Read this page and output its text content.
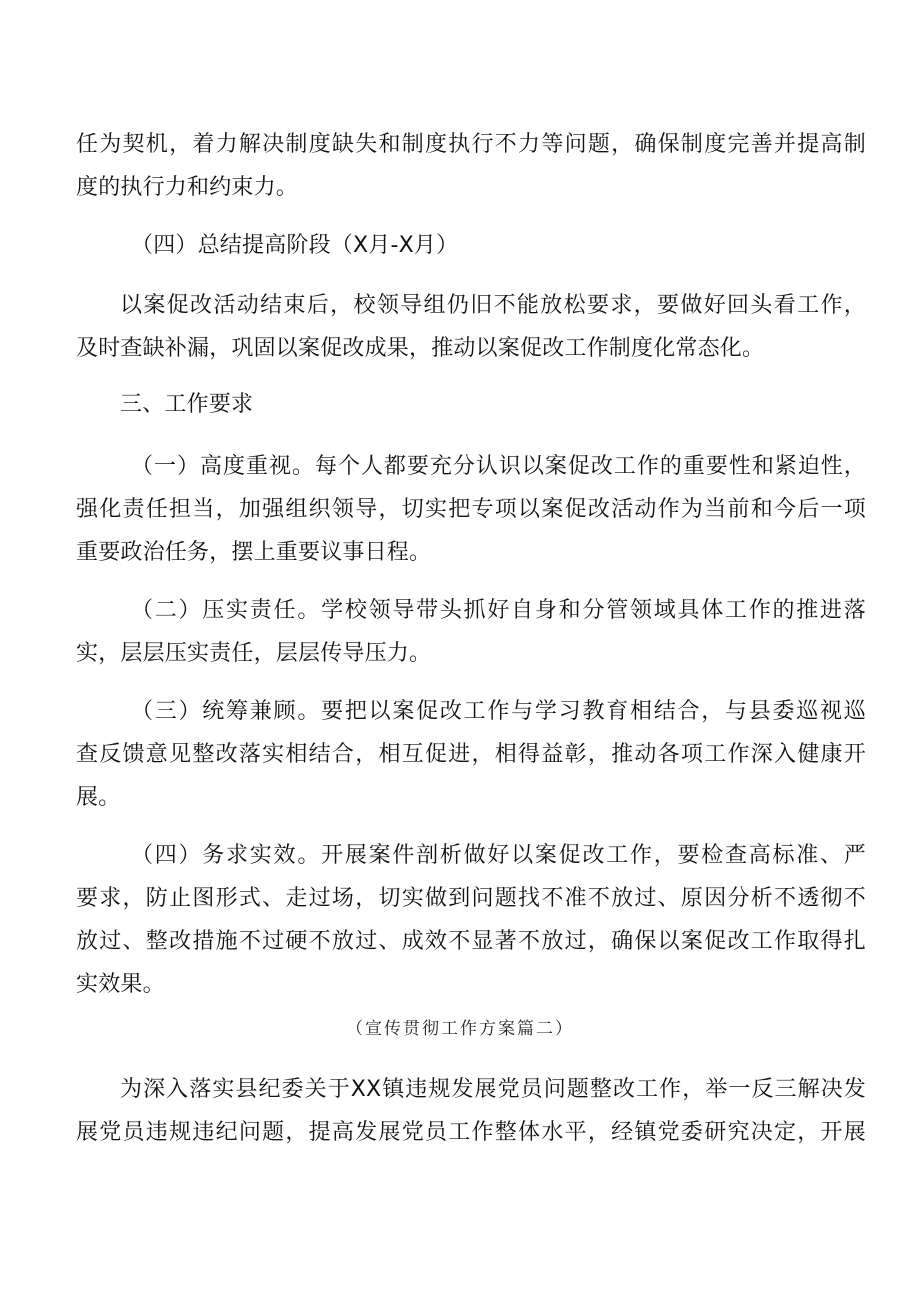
任为契机，着力解决制度缺失和制度执行不力等问题，确保制度完善并提高制
度的执行力和约束力。
（四）总结提高阶段（X月-X月）
以案促改活动结束后，校领导组仍旧不能放松要求，要做好回头看工作，
及时查缺补漏，巩固以案促改成果，推动以案促改工作制度化常态化。
三、工作要求
（一）高度重视。每个人都要充分认识以案促改工作的重要性和紧迫性，
强化责任担当，加强组织领导，切实把专项以案促改活动作为当前和今后一项
重要政治任务，摆上重要议事日程。
（二）压实责任。学校领导带头抓好自身和分管领域具体工作的推进落
实，层层压实责任，层层传导压力。
（三）统筹兼顾。要把以案促改工作与学习教育相结合，与县委巡视巡
查反馈意见整改落实相结合，相互促进，相得益彰，推动各项工作深入健康开
展。
（四）务求实效。开展案件剖析做好以案促改工作，要检查高标准、严
要求，防止图形式、走过场，切实做到问题找不准不放过、原因分析不透彻不
放过、整改措施不过硬不放过、成效不显著不放过，确保以案促改工作取得扎
实效果。
（宣传贯彻工作方案篇二）
为深入落实县纪委关于XX镇违规发展党员问题整改工作，举一反三解决发
展党员违规违纪问题，提高发展党员工作整体水平，经镇党委研究决定，开展
